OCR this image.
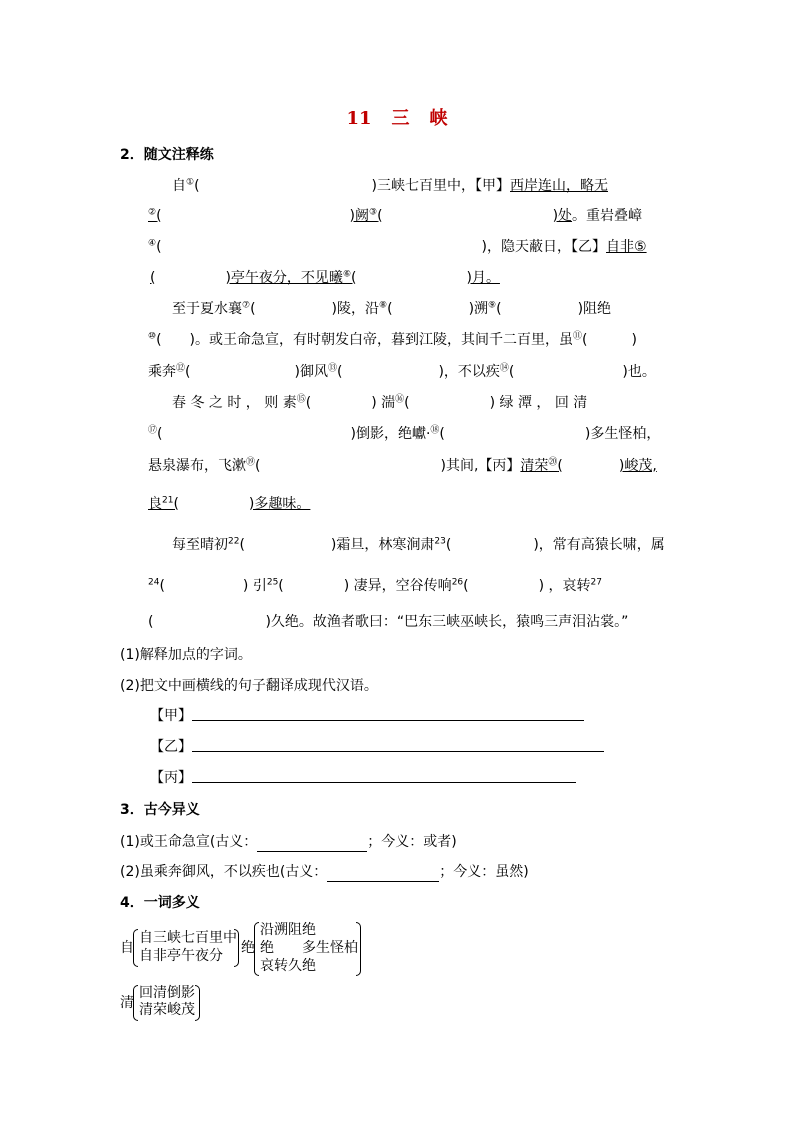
11 三 峡
2．随文注释练
自①(	)三峡七百里中，【甲】西岸连山，略无
②(	)阙③(	)处。重岩叠嶂
④(	)，隐天蔽日，【乙】自非⑤
(	)亭午夜分，不见曦⑥(	)月。
至于夏水襄⑦(	)陵，沿⑧(	)溯⑨(	)阻绝
⑩( )。或王命急宣，有时朝发白帝，暮到江陵，其间千二百里，虽⑪(	)
乘奔⑫(	)御风⑬(	)，不以疾⑭(	)也。
春 冬 之 时 ， 则 素⑮(	) 湍⑯(	) 绿 潭 ， 回 清
⑰(	)倒影，绝巘·⑱(	)多生怪柏，
悬泉瀑布，飞漱⑲(	)其间,【丙】清荣⑳(	)峻茂,
良$^{21}$(	)多趣味。
每至晴初$^{22}$(	)霜旦，林寒涧肃$^{23}$(	)，常有高猿长啸，属
$^{24}$(	) 引$^{25}$(	) 凄异，空谷传响$^{26}$(	) ，哀转$^{27}$
(	)久绝。故渔者歌曰：“巴东三峡巫峡长，猿鸣三声泪沾裳。”
(1)解释加点的字词。
(2)把文中画横线的句子翻译成现代汉语。
【甲】
【乙】
【丙】
3．古今异义
(1)或王命急宣(古义：	；今义：或者)
(2)虽乘奔御风，不以疾也(古义：	；今义：虽然)
4．一词多义
自
自三峡七百里中
自非亭午夜分 绝
沿溯阻绝
绝　　多生怪柏
哀转久绝
清
回清倒影
清荣峻茂
